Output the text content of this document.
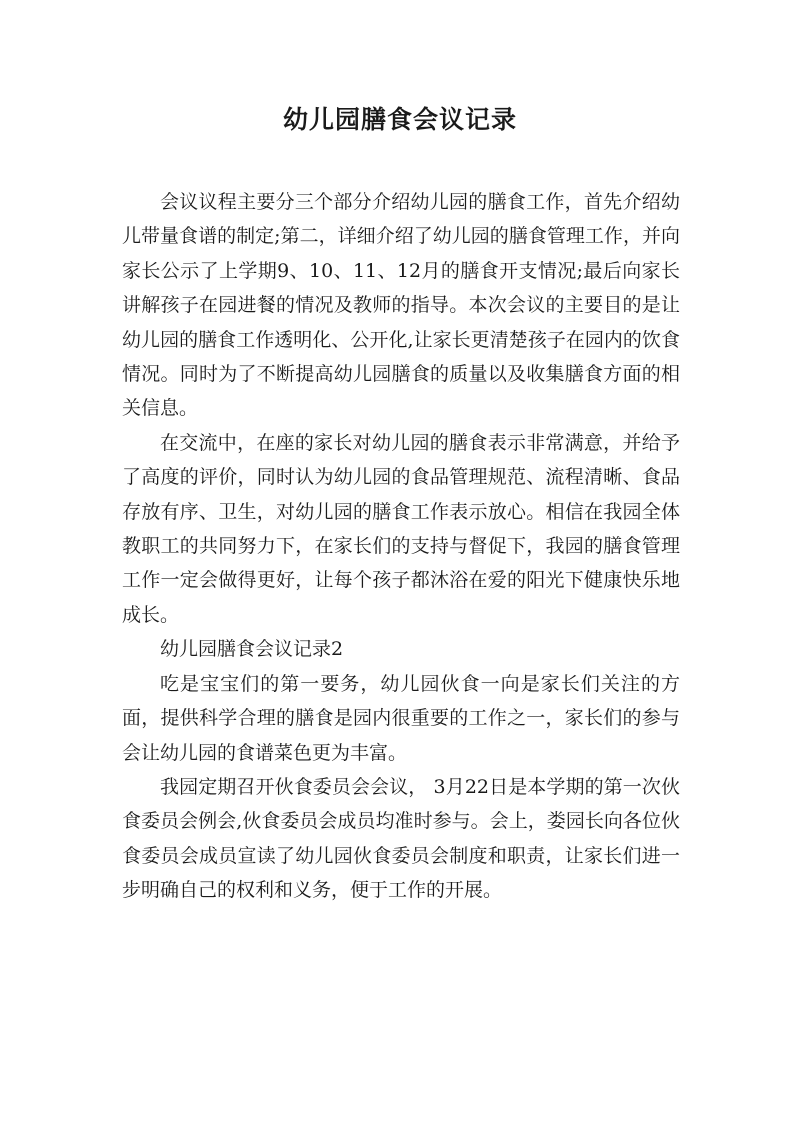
幼儿园膳食会议记录

会议议程主要分三个部分介绍幼儿园的膳食工作，首先介绍幼儿带量食谱的制定;第二，详细介绍了幼儿园的膳食管理工作，并向家长公示了上学期9、10、11、12月的膳食开支情况;最后向家长讲解孩子在园进餐的情况及教师的指导。本次会议的主要目的是让幼儿园的膳食工作透明化、公开化,让家长更清楚孩子在园内的饮食情况。同时为了不断提高幼儿园膳食的质量以及收集膳食方面的相关信息。

在交流中，在座的家长对幼儿园的膳食表示非常满意，并给予了高度的评价，同时认为幼儿园的食品管理规范、流程清晰、食品存放有序、卫生，对幼儿园的膳食工作表示放心。相信在我园全体教职工的共同努力下，在家长们的支持与督促下，我园的膳食管理工作一定会做得更好，让每个孩子都沐浴在爱的阳光下健康快乐地成长。

幼儿园膳食会议记录2

吃是宝宝们的第一要务，幼儿园伙食一向是家长们关注的方面，提供科学合理的膳食是园内很重要的工作之一，家长们的参与会让幼儿园的食谱菜色更为丰富。

我园定期召开伙食委员会会议， 3月22日是本学期的第一次伙食委员会例会,伙食委员会成员均准时参与。会上，娄园长向各位伙食委员会成员宣读了幼儿园伙食委员会制度和职责，让家长们进一步明确自己的权利和义务，便于工作的开展。
